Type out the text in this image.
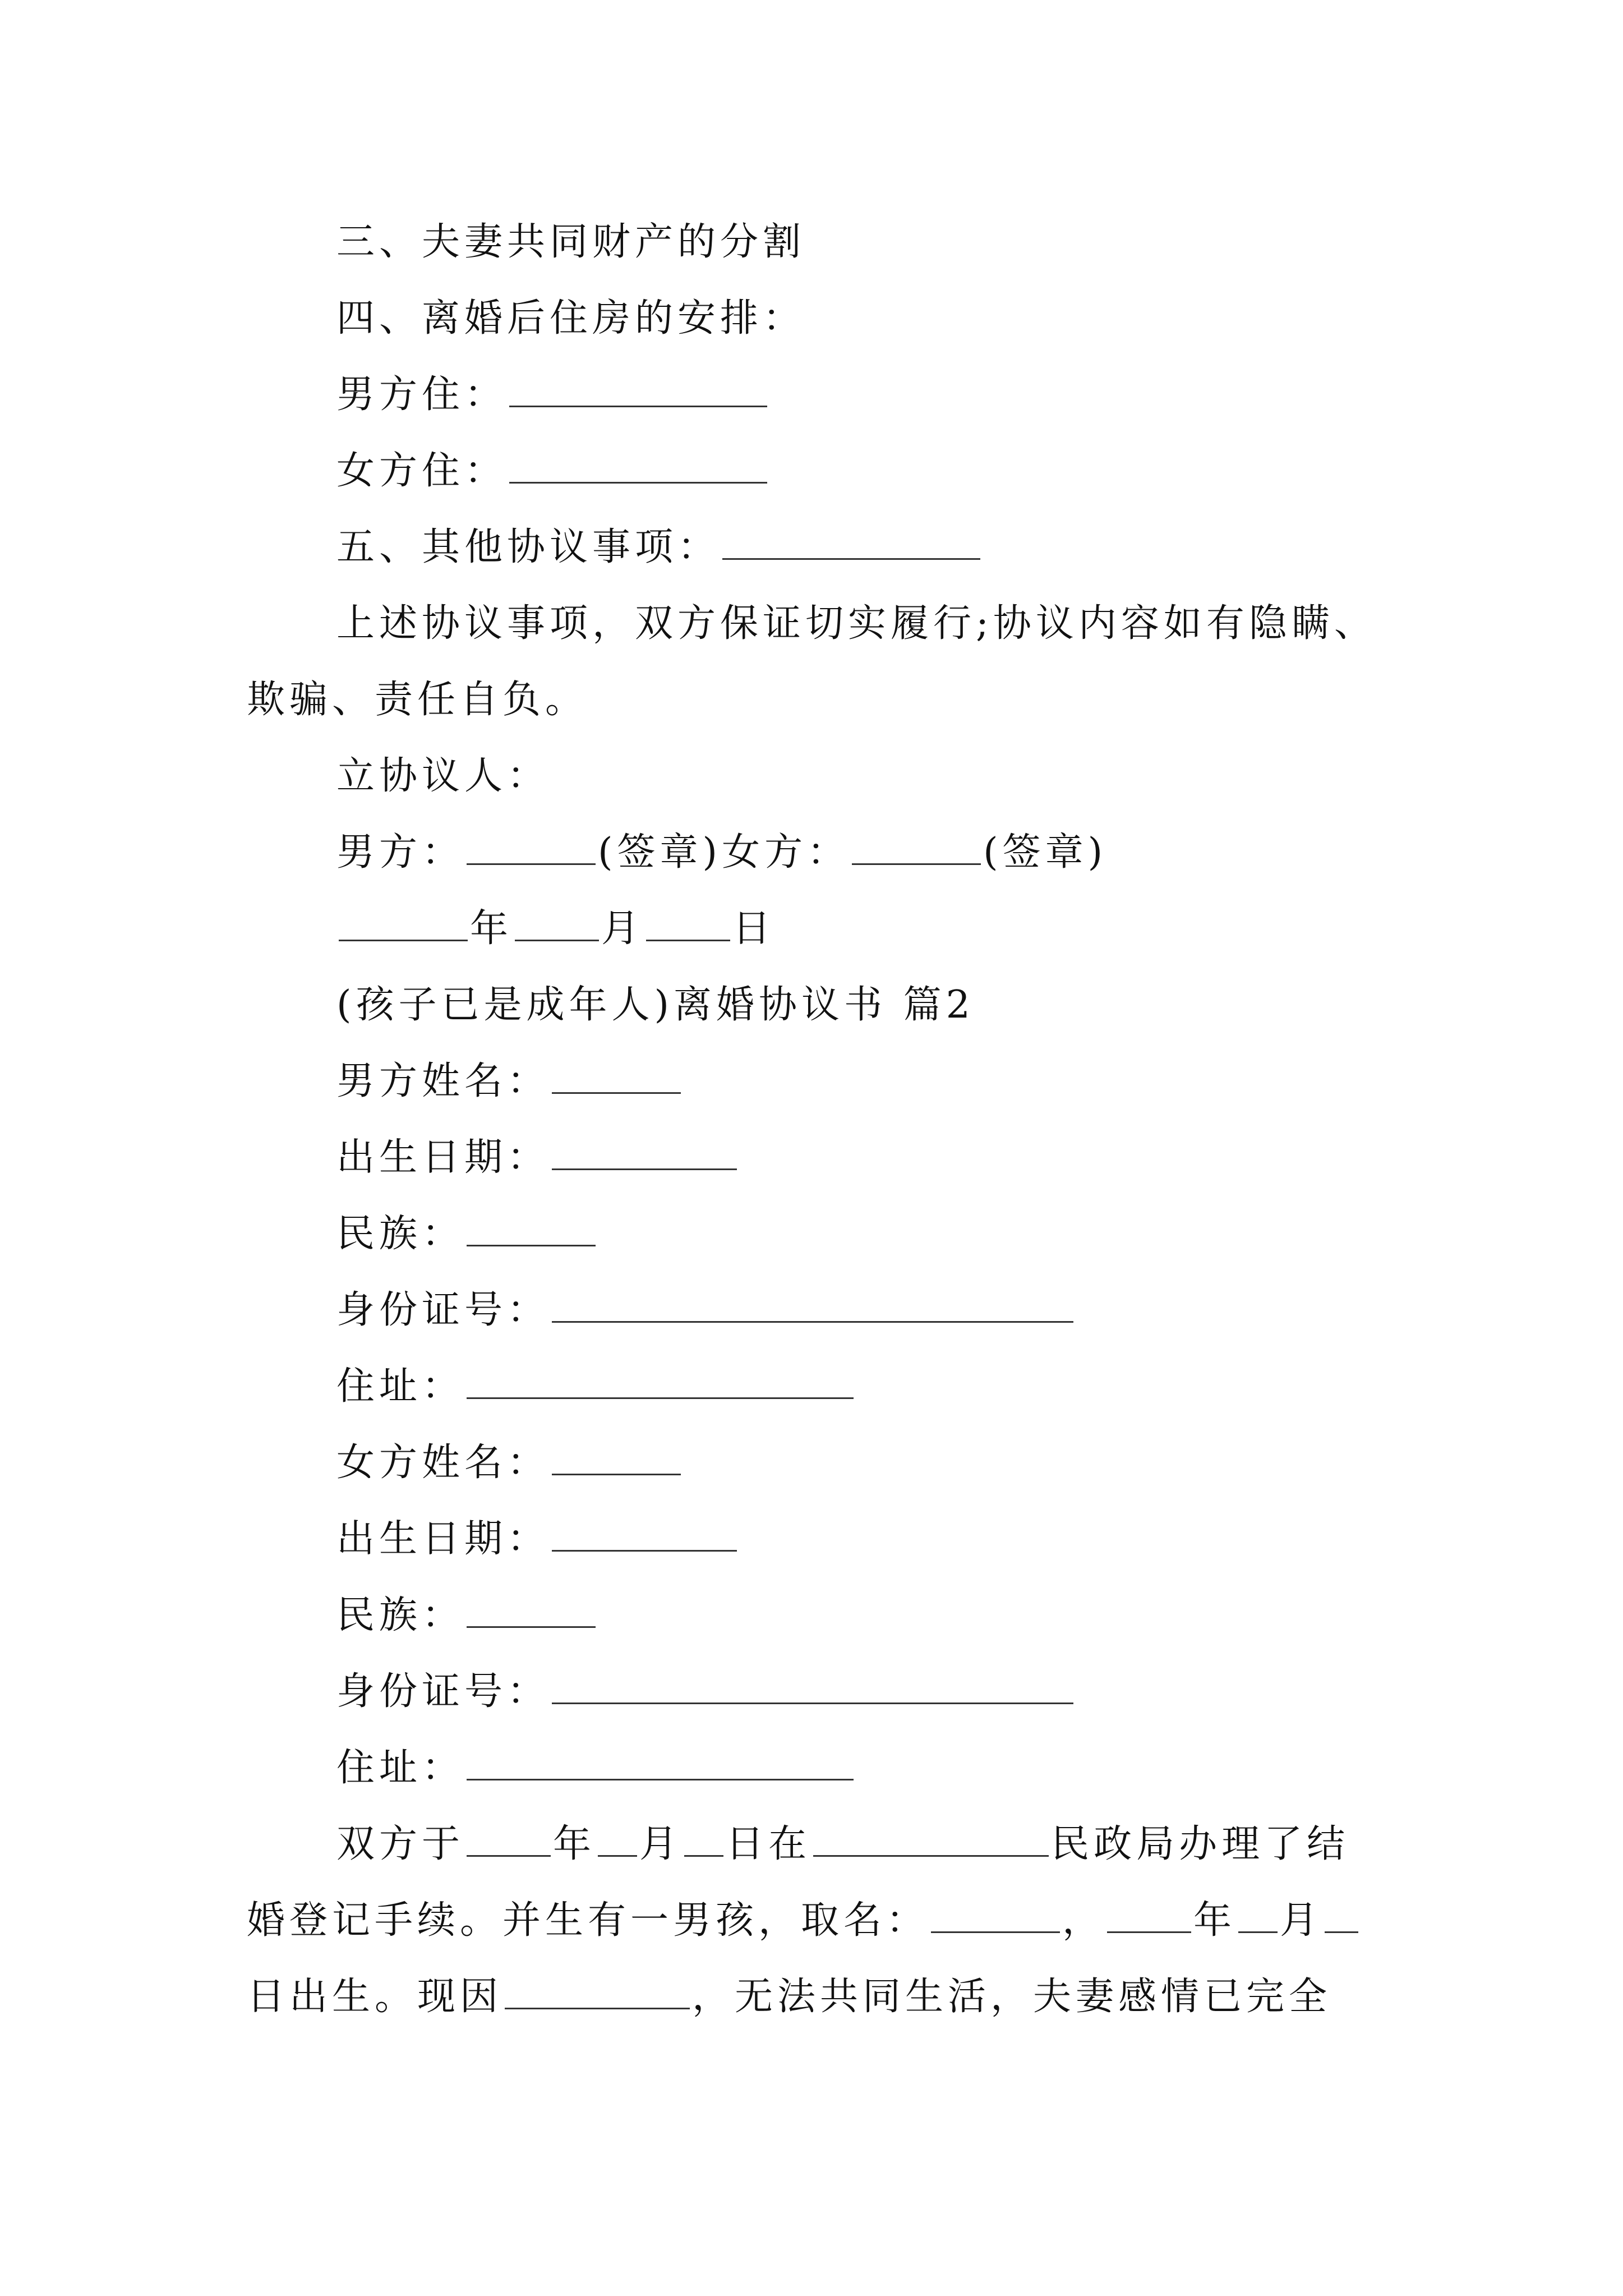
三、夫妻共同财产的分割
四、离婚后住房的安排：
男方住：
女方住：
五、其他协议事项：
上述协议事项，双方保证切实履行;协议内容如有隐瞒、
欺骗、责任自负。
立协议人：
男方：	(签章)女方：	(签章)
年 月 日
(孩子已是成年人)离婚协议书 篇2
男方姓名：
出生日期：
民族：
身份证号：
住址：
女方姓名：
出生日期：
民族：
身份证号：
住址：
双方于 年 月 日在	民政局办理了结
婚登记手续。并生有一男孩，取名：	， 年 月
日出生。现因	，无法共同生活，夫妻感情已完全
